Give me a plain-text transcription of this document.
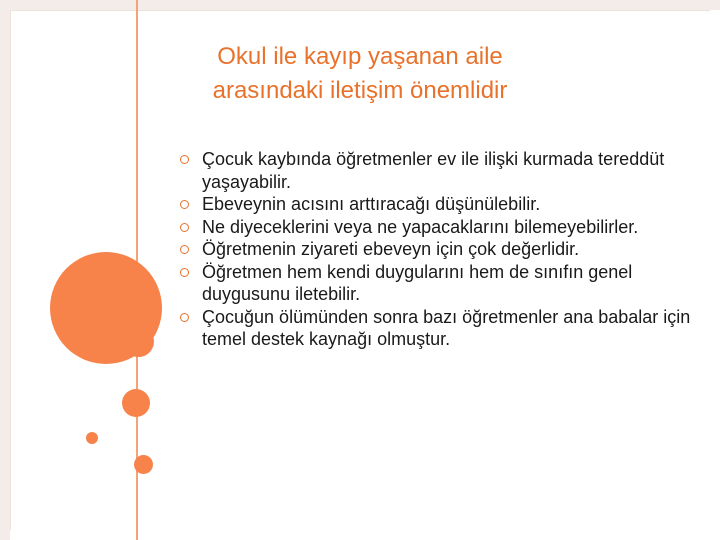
Okul ile kayıp yaşanan aile
arasındaki iletişim önemlidir
Çocuk kaybında öğretmenler ev ile ilişki kurmada tereddüt yaşayabilir.
Ebeveynin acısını arttıracağı düşünülebilir.
Ne diyeceklerini veya ne yapacaklarını bilemeyebilirler.
Öğretmenin ziyareti ebeveyn için çok değerlidir.
Öğretmen hem kendi duygularını hem de sınıfın genel duygusunu iletebilir.
Çocuğun ölümünden sonra bazı öğretmenler ana babalar için temel destek kaynağı olmuştur.
